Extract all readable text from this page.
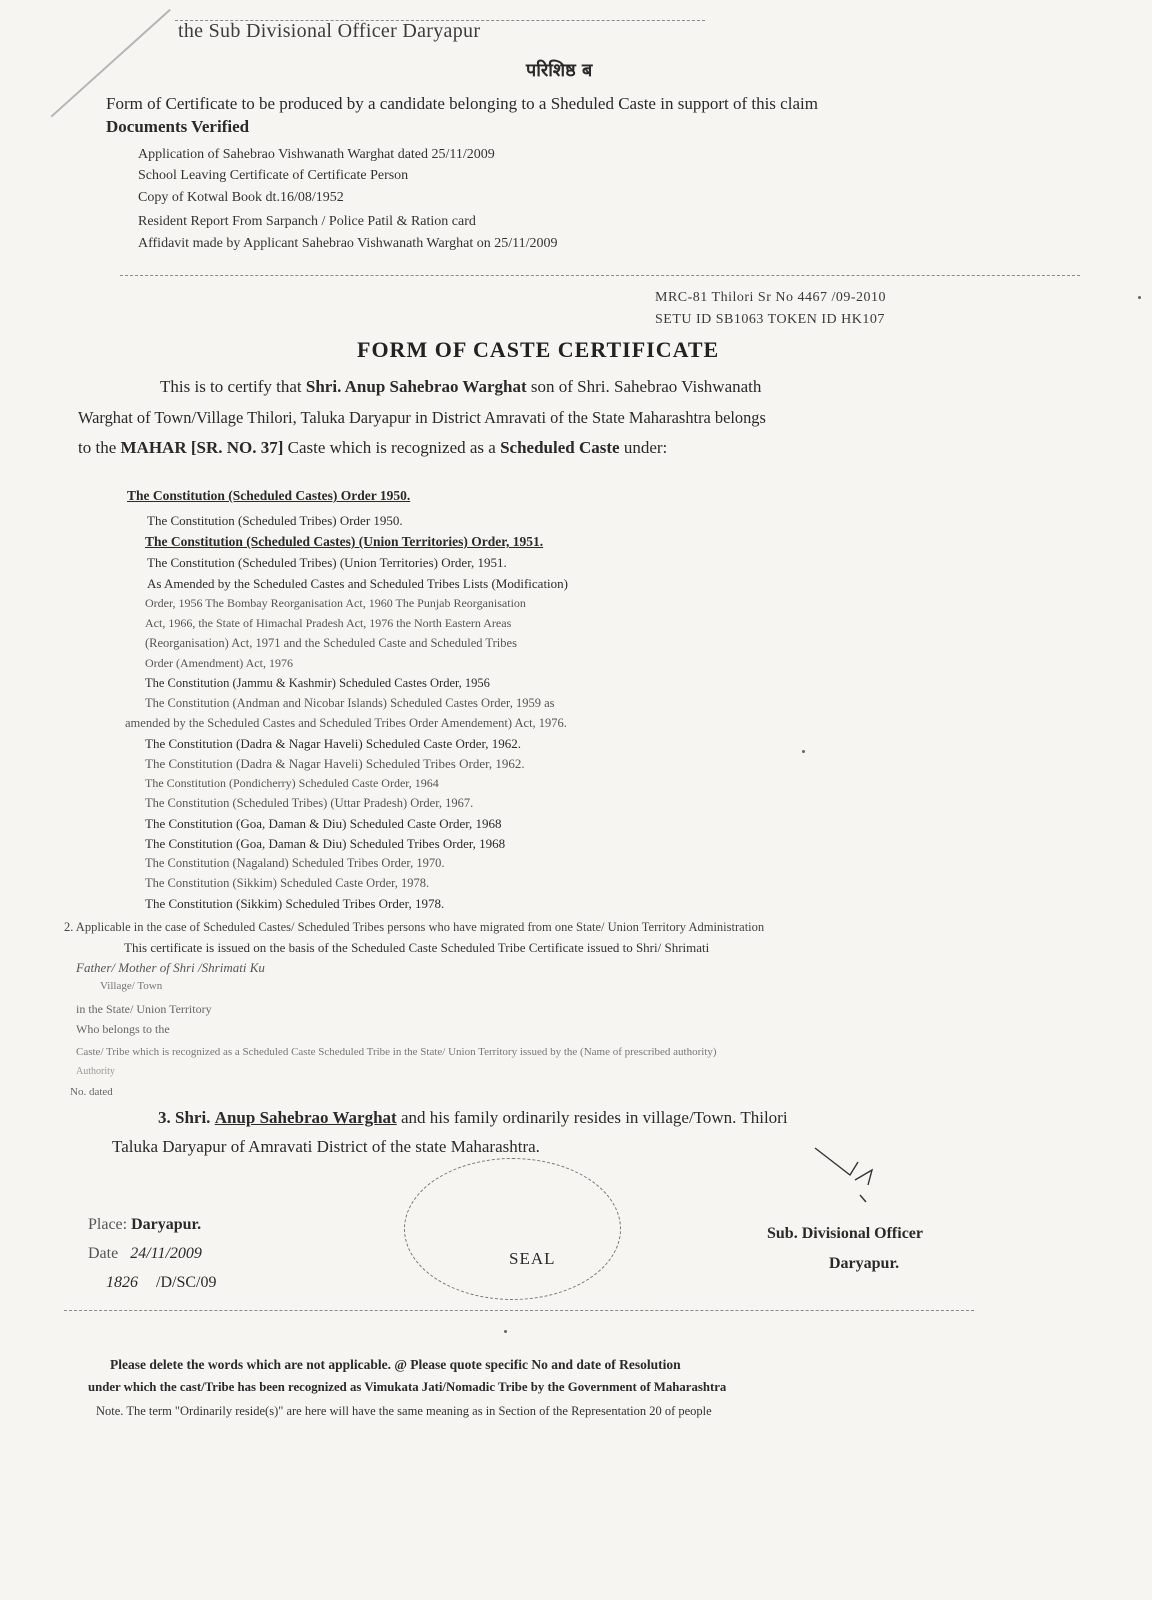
the Sub Divisional Officer Daryapur
परिशिष्ठ ब
Form of Certificate to be produced by a candidate belonging to a Sheduled Caste in support of this claim
Documents Verified
Application of Sahebrao Vishwanath Warghat dated 25/11/2009
School Leaving Certificate of Certificate Person
Copy of Kotwal Book dt.16/08/1952
Resident Report From Sarpanch / Police Patil & Ration card
Affidavit made by Applicant Sahebrao Vishwanath Warghat on 25/11/2009
MRC-81 Thilori Sr No 4467 /09-2010
SETU ID SB1063 TOKEN ID HK107
FORM OF CASTE CERTIFICATE
This is to certify that Shri. Anup Sahebrao Warghat son of Shri. Sahebrao Vishwanath
Warghat of Town/Village Thilori, Taluka Daryapur in District Amravati of the State Maharashtra belongs
to the MAHAR [SR. NO. 37] Caste which is recognized as a Scheduled Caste under:
The Constitution (Scheduled Castes) Order 1950.
The Constitution (Scheduled Tribes) Order 1950.
The Constitution (Scheduled Castes) (Union Territories) Order, 1951.
The Constitution (Scheduled Tribes) (Union Territories) Order, 1951.
As Amended by the Scheduled Castes and Scheduled Tribes Lists (Modification)
Order, 1956 The Bombay Reorganisation Act, 1960 The Punjab Reorganisation
Act, 1966, the State of Himachal Pradesh Act, 1976 the North Eastern Areas
(Reorganisation) Act, 1971 and the Scheduled Caste and Scheduled Tribes
Order (Amendment) Act, 1976
The Constitution (Jammu & Kashmir) Scheduled Castes Order, 1956
The Constitution (Andman and Nicobar Islands) Scheduled Castes Order, 1959 as
amended by the Scheduled Castes and Scheduled Tribes Order Amendement) Act, 1976.
The Constitution (Dadra & Nagar Haveli) Scheduled Caste Order, 1962.
The Constitution (Dadra & Nagar Haveli) Scheduled Tribes Order, 1962.
The Constitution (Pondicherry) Scheduled Caste Order, 1964
The Constitution (Scheduled Tribes) (Uttar Pradesh) Order, 1967.
The Constitution (Goa, Daman & Diu) Scheduled Caste Order, 1968
The Constitution (Goa, Daman & Diu) Scheduled Tribes Order, 1968
The Constitution (Nagaland) Scheduled Tribes Order, 1970.
The Constitution (Sikkim) Scheduled Caste Order, 1978.
The Constitution (Sikkim) Scheduled Tribes Order, 1978.
2. Applicable in the case of Scheduled Castes/ Scheduled Tribes persons who have migrated from one State/ Union Territory Administration
This certificate is issued on the basis of the Scheduled Caste Scheduled Tribe Certificate issued to Shri/ Shrimati
Father/ Mother of Shri /Shrimati Ku
Village/ Town
in the State/ Union Territory
Who belongs to the
Caste/ Tribe which is recognized as a Scheduled Caste Scheduled Tribe in the State/ Union Territory issued by the (Name of prescribed authority)
Authority
No. dated
3. Shri. Anup Sahebrao Warghat and his family ordinarily resides in village/Town. Thilori
Taluka Daryapur of Amravati District of the state Maharashtra.
Place: Daryapur.
Date 24/11/2009
1826 /D/SC/09
SEAL
Sub. Divisional Officer
Daryapur.
Please delete the words which are not applicable. @ Please quote specific No and date of Resolution
under which the cast/Tribe has been recognized as Vimukata Jati/Nomadic Tribe by the Government of Maharashtra
Note. The term "Ordinarily reside(s)" are here will have the same meaning as in Section of the Representation 20 of people
